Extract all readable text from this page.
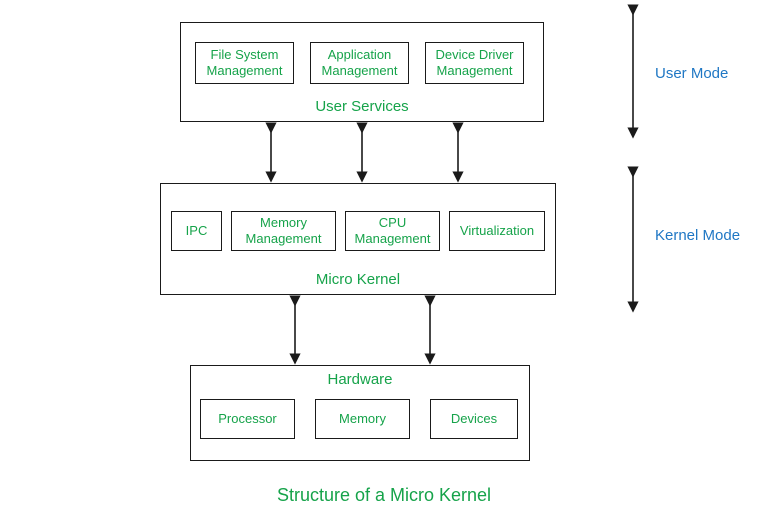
File System Management
Application Management
Device Driver Management
User Services
IPC
Memory Management
CPU Management
Virtualization
Micro Kernel
Hardware
Processor	Memory	Devices
User Mode
Kernel Mode
Structure of a Micro Kernel
